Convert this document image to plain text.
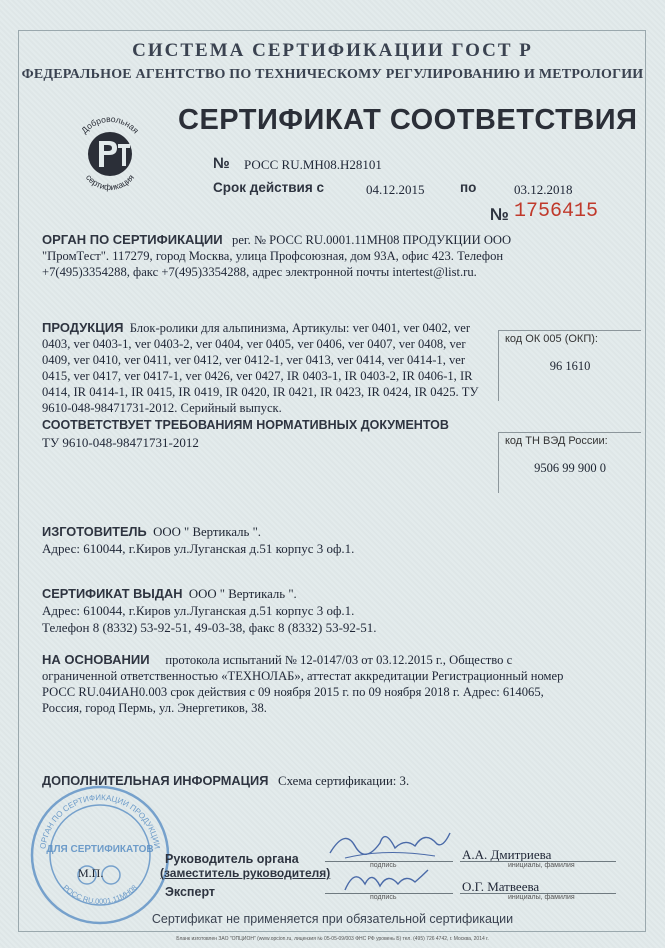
СИСТЕМА СЕРТИФИКАЦИИ ГОСТ Р
ФЕДЕРАЛЬНОЕ АГЕНТСТВО ПО ТЕХНИЧЕСКОМУ РЕГУЛИРОВАНИЮ И МЕТРОЛОГИИ
Добровольная
сертификация
СЕРТИФИКАТ СООТВЕТСТВИЯ
№ РОСС RU.МН08.Н28101
Срок действия с	04.12.2015	по	03.12.2018
№ 1756415
ОРГАН ПО СЕРТИФИКАЦИИ рег. № РОСС RU.0001.11МН08 ПРОДУКЦИИ ООО "ПромТест". 117279, город Москва, улица Профсоюзная, дом 93А, офис 423. Телефон +7(495)3354288, факс +7(495)3354288, адрес электронной почты intertest@list.ru.
ПРОДУКЦИЯ Блок-ролики для альпинизма, Артикулы: ver 0401, ver 0402, ver 0403, ver 0403-1, ver 0403-2, ver 0404, ver 0405, ver 0406, ver 0407, ver 0408, ver 0409, ver 0410, ver 0411, ver 0412, ver 0412-1, ver 0413, ver 0414, ver 0414-1, ver 0415, ver 0417, ver 0417-1, ver 0426, ver 0427, IR 0403-1, IR 0403-2, IR 0406-1, IR 0414, IR 0414-1, IR 0415, IR 0419, IR 0420, IR 0421, IR 0423, IR 0424, IR 0425. ТУ 9610-048-98471731-2012. Серийный выпуск.
код ОК 005 (ОКП):
96 1610
СООТВЕТСТВУЕТ ТРЕБОВАНИЯМ НОРМАТИВНЫХ ДОКУМЕНТОВ
ТУ 9610-048-98471731-2012	код ТН ВЭД России:
9506 99 900 0
ИЗГОТОВИТЕЛЬ ООО " Вертикаль ".
Адрес: 610044, г.Киров ул.Луганская д.51 корпус 3 оф.1.
СЕРТИФИКАТ ВЫДАН ООО " Вертикаль ".
Адрес: 610044, г.Киров ул.Луганская д.51 корпус 3 оф.1.
Телефон 8 (8332) 53-92-51, 49-03-38, факс 8 (8332) 53-92-51.
НА ОСНОВАНИИ протокола испытаний № 12-0147/03 от 03.12.2015 г., Общество с ограниченной ответственностью «ТЕХНОЛАБ», аттестат аккредитации Регистрационный номер РОСС RU.04ИАН0.003 срок действия с 09 ноября 2015 г. по 09 ноября 2018 г. Адрес: 614065, Россия, город Пермь, ул. Энергетиков, 38.
ДОПОЛНИТЕЛЬНАЯ ИНФОРМАЦИЯ Схема сертификации: 3.
ОРГАН ПО СЕРТИФИКАЦИИ ПРОДУКЦИИ
РОСС RU.0001.11МН08
ДЛЯ СЕРТИФИКАТОВ
М.П.
Руководитель органа
(заместитель руководителя)
подпись
А.А. Дмитриева
инициалы, фамилия
Эксперт	подпись
О.Г. Матвеева
инициалы, фамилия
Сертификат не применяется при обязательной сертификации
Бланк изготовлен ЗАО "ОПЦИОН" (www.opcion.ru, лицензия № 05-05-09/003 ФНС РФ уровень Б) тел. (495) 726 4742, г. Москва, 2014 г.
